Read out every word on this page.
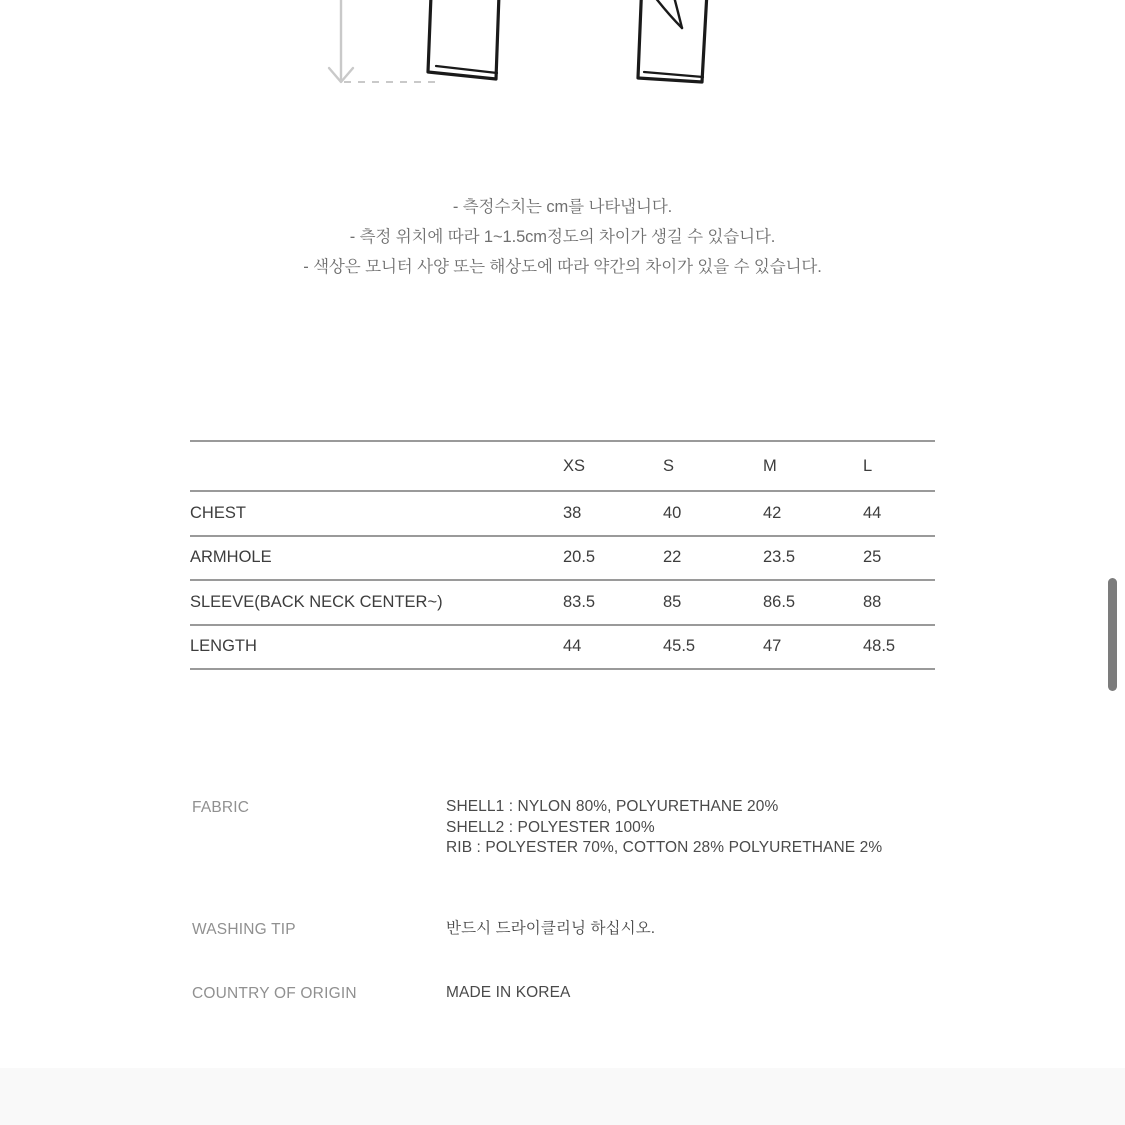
- 측정수치는 cm를 나타냅니다.
- 측정 위치에 따라 1~1.5cm정도의 차이가 생길 수 있습니다.
- 색상은 모니터 사양 또는 해상도에 따라 약간의 차이가 있을 수 있습니다.
	XS	S	M	L
CHEST	38	40	42	44
ARMHOLE	20.5	22	23.5	25
SLEEVE(BACK NECK CENTER~)	83.5	85	86.5	88
LENGTH	44	45.5	47	48.5
FABRIC	SHELL1 : NYLON 80%, POLYURETHANE 20%
SHELL2 : POLYESTER 100%
RIB : POLYESTER 70%, COTTON 28% POLYURETHANE 2%
WASHING TIP	반드시 드라이클리닝 하십시오.
COUNTRY OF ORIGIN	MADE IN KOREA
